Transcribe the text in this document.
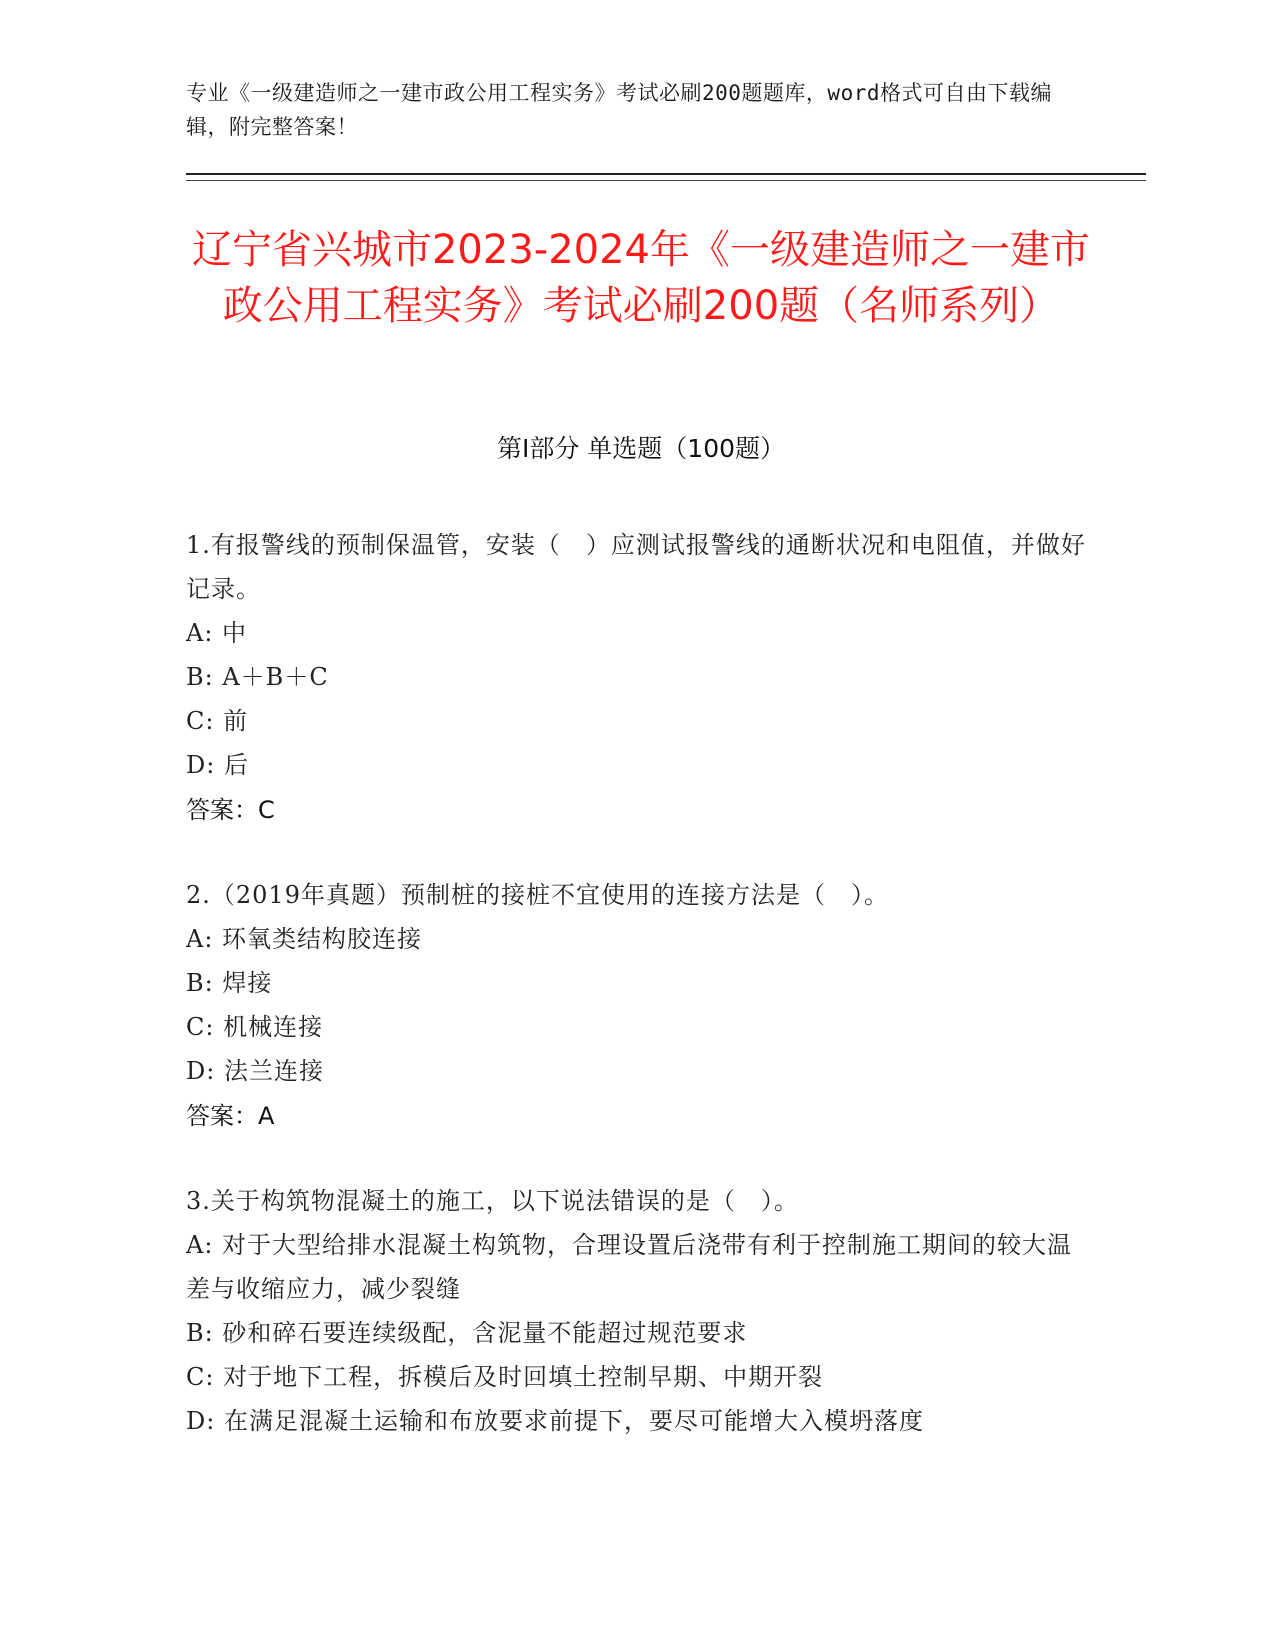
专业《一级建造师之一建市政公用工程实务》考试必刷200题题库，word格式可自由下载编辑，附完整答案！
辽宁省兴城市2023-2024年《一级建造师之一建市政公用工程实务》考试必刷200题（名师系列）
第I部分 单选题（100题）
1.有报警线的预制保温管，安装（　）应测试报警线的通断状况和电阻值，并做好记录。
A: 中
B: A＋B＋C
C: 前
D: 后
答案：C
2.（2019年真题）预制桩的接桩不宜使用的连接方法是（　）。
A: 环氧类结构胶连接
B: 焊接
C: 机械连接
D: 法兰连接
答案：A
3.关于构筑物混凝土的施工，以下说法错误的是（　）。
A: 对于大型给排水混凝土构筑物，合理设置后浇带有利于控制施工期间的较大温差与收缩应力，减少裂缝
B: 砂和碎石要连续级配，含泥量不能超过规范要求
C: 对于地下工程，拆模后及时回填土控制早期、中期开裂
D: 在满足混凝土运输和布放要求前提下，要尽可能增大入模坍落度
